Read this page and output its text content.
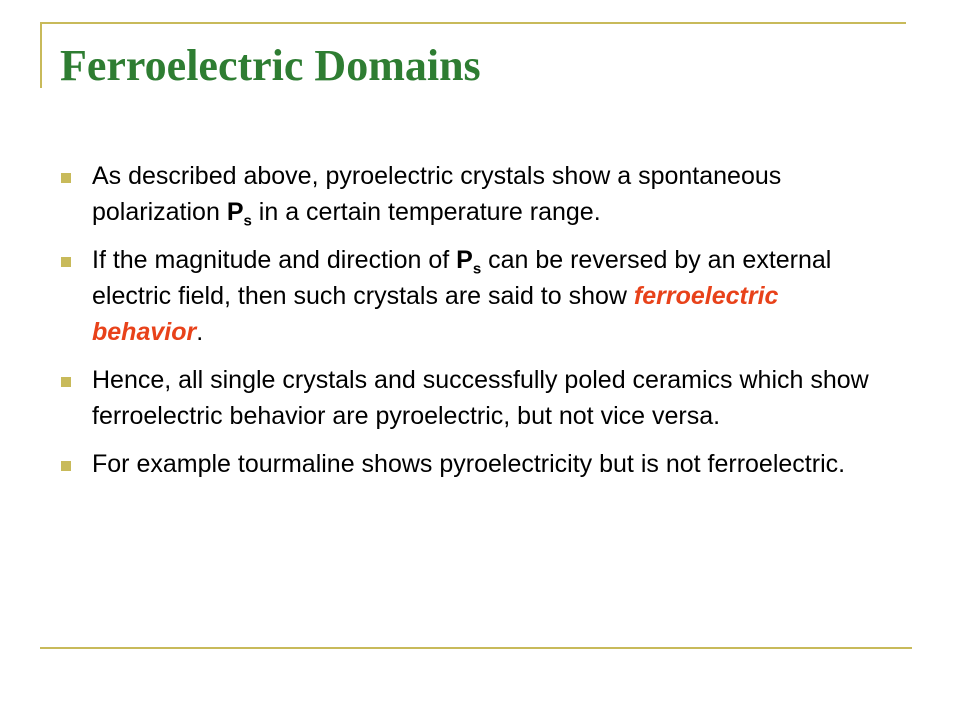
Ferroelectric Domains
As described above, pyroelectric crystals show a spontaneous polarization $P_s$ in a certain temperature range.
If the magnitude and direction of $P_s$ can be reversed by an external electric field, then such crystals are said to show ferroelectric behavior.
Hence, all single crystals and successfully poled ceramics which show ferroelectric behavior are pyroelectric, but not vice versa.
For example tourmaline shows pyroelectricity but is not ferroelectric.
